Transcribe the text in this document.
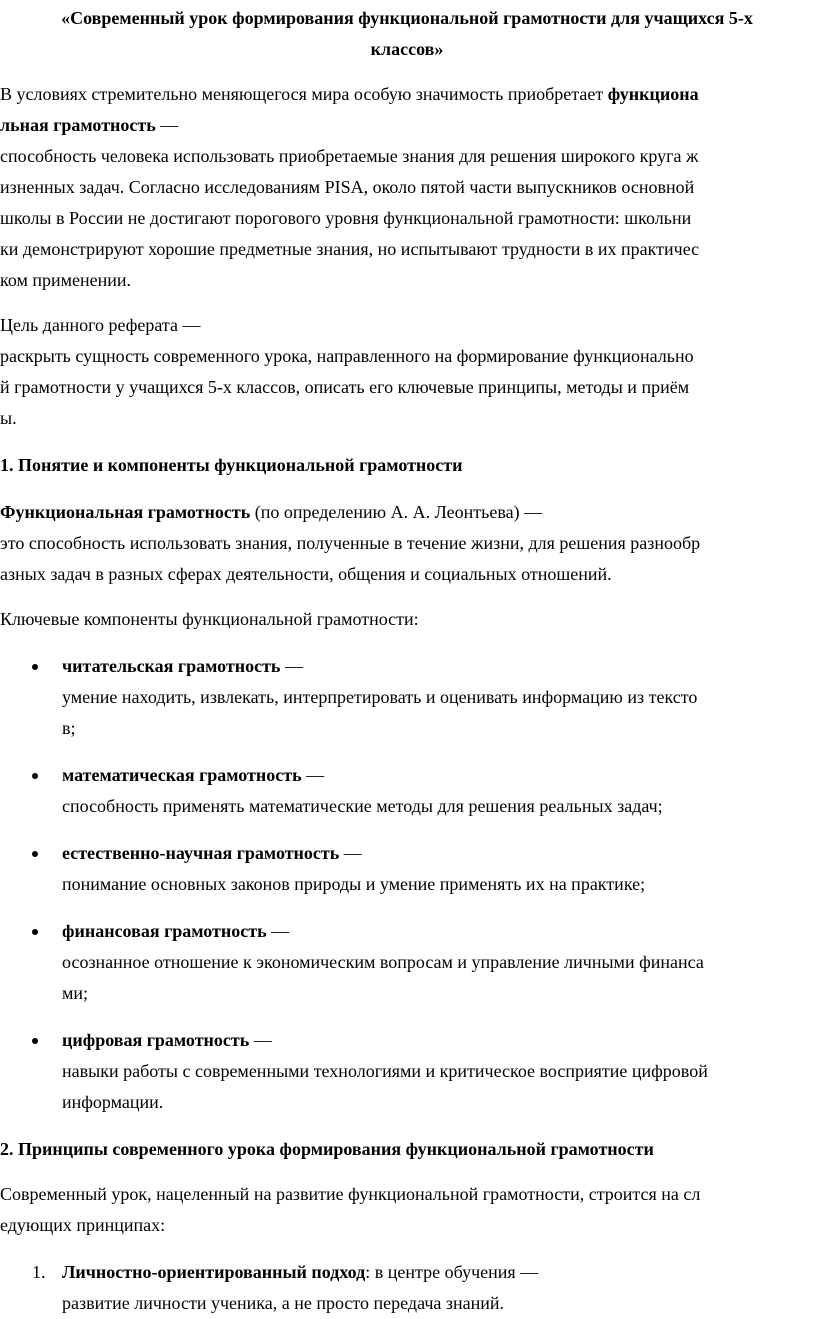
«Современный урок формирования функциональной грамотности для учащихся 5-х
классов»

В условиях стремительно меняющегося мира особую значимость приобретает функциона
льная грамотность —
способность человека использовать приобретаемые знания для решения широкого круга ж
изненных задач. Согласно исследованиям PISA, около пятой части выпускников основной
школы в России не достигают порогового уровня функциональной грамотности: школьни
ки демонстрируют хорошие предметные знания, но испытывают трудности в их практичес
ком применении.

Цель данного реферата —
раскрыть сущность современного урока, направленного на формирование функционально
й грамотности у учащихся 5-х классов, описать его ключевые принципы, методы и приём
ы.

1. Понятие и компоненты функциональной грамотности

Функциональная грамотность (по определению А. А. Леонтьева) —
это способность использовать знания, полученные в течение жизни, для решения разнообр
азных задач в разных сферах деятельности, общения и социальных отношений.

Ключевые компоненты функциональной грамотности:

читательская грамотность —
умение находить, извлекать, интерпретировать и оценивать информацию из тексто
в;
математическая грамотность —
способность применять математические методы для решения реальных задач;
естественно-научная грамотность —
понимание основных законов природы и умение применять их на практике;
финансовая грамотность —
осознанное отношение к экономическим вопросам и управление личными финанса
ми;
цифровая грамотность —
навыки работы с современными технологиями и критическое восприятие цифровой
информации.
2. Принципы современного урока формирования функциональной грамотности

Современный урок, нацеленный на развитие функциональной грамотности, строится на сл
едующих принципах:

1. Личностно-ориентированный подход: в центре обучения —
развитие личности ученика, а не просто передача знаний.
